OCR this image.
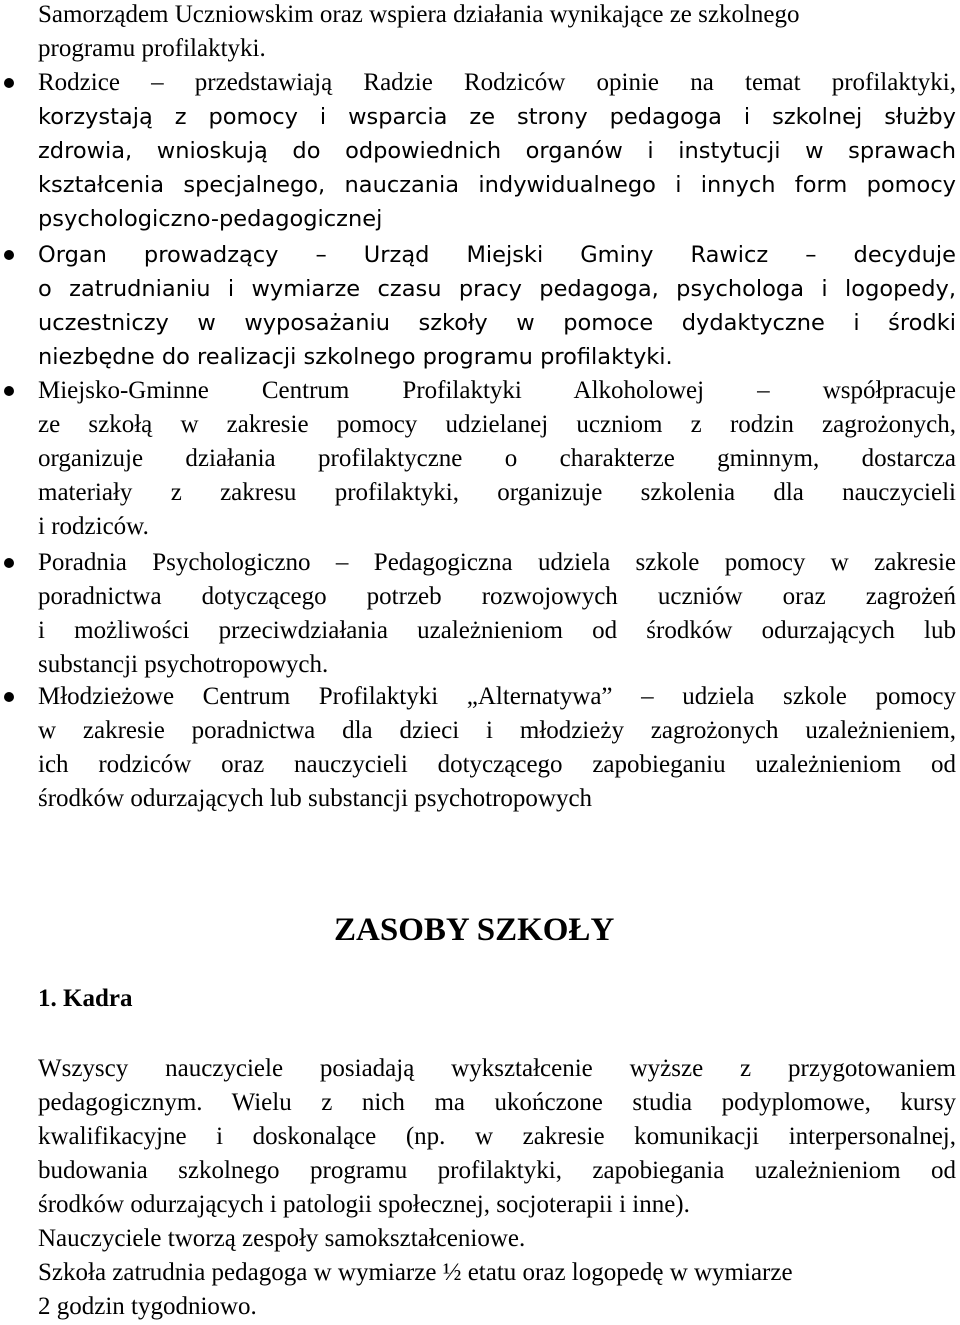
Samorządem Uczniowskim oraz wspiera działania wynikające ze szkolnego
programu profilaktyki.
Rodzice – przedstawiają Radzie Rodziców opinie na temat profilaktyki,
korzystają z pomocy i wsparcia ze strony pedagoga i szkolnej służby
zdrowia, wnioskują do odpowiednich organów i instytucji w sprawach
kształcenia specjalnego, nauczania indywidualnego i innych form pomocy
psychologiczno-pedagogicznej
Organ prowadzący – Urząd Miejski Gminy Rawicz – decyduje
o zatrudnianiu i wymiarze czasu pracy pedagoga, psychologa i logopedy,
uczestniczy w wyposażaniu szkoły w pomoce dydaktyczne i środki
niezbędne do realizacji szkolnego programu profilaktyki.
Miejsko-Gminne Centrum Profilaktyki Alkoholowej – współpracuje
ze szkołą w zakresie pomocy udzielanej uczniom z rodzin zagrożonych,
organizuje działania profilaktyczne o charakterze gminnym, dostarcza
materiały z zakresu profilaktyki, organizuje szkolenia dla nauczycieli
i rodziców.
Poradnia Psychologiczno – Pedagogiczna udziela szkole pomocy w zakresie
poradnictwa dotyczącego potrzeb rozwojowych uczniów oraz zagrożeń
i możliwości przeciwdziałania uzależnieniom od środków odurzających lub
substancji psychotropowych.
Młodzieżowe Centrum Profilaktyki „Alternatywa” – udziela szkole pomocy
w zakresie poradnictwa dla dzieci i młodzieży zagrożonych uzależnieniem,
ich rodziców oraz nauczycieli dotyczącego zapobieganiu uzależnieniom od
środków odurzających lub substancji psychotropowych
ZASOBY SZKOŁY
1. Kadra
Wszyscy nauczyciele posiadają wykształcenie wyższe z przygotowaniem
pedagogicznym. Wielu z nich ma ukończone studia podyplomowe, kursy
kwalifikacyjne i doskonalące (np. w zakresie komunikacji interpersonalnej,
budowania szkolnego programu profilaktyki, zapobiegania uzależnieniom od
środków odurzających i patologii społecznej, socjoterapii i inne).
Nauczyciele tworzą zespoły samokształceniowe.
Szkoła zatrudnia pedagoga w wymiarze ½ etatu oraz logopedę w wymiarze
2 godzin tygodniowo.
